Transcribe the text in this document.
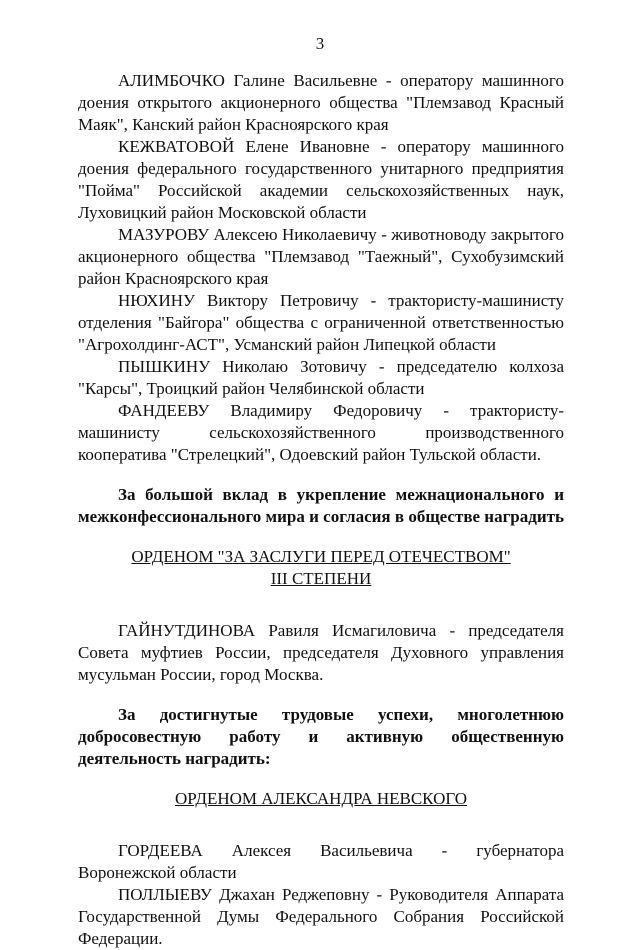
3

АЛИМБОЧКО Галине Васильевне - оператору машинного доения открытого акционерного общества "Племзавод Красный Маяк", Канский район Красноярского края

КЕЖВАТОВОЙ Елене Ивановне - оператору машинного доения федерального государственного унитарного предприятия "Пойма" Российской академии сельскохозяйственных наук, Луховицкий район Московской области

МАЗУРОВУ Алексею Николаевичу - животноводу закрытого акционерного общества "Племзавод "Таежный", Сухобузимский район Красноярского края

НЮХИНУ Виктору Петровичу - трактористу-машинисту отделения "Байгора" общества с ограниченной ответственностью "Агрохолдинг-АСТ", Усманский район Липецкой области

ПЫШКИНУ Николаю Зотовичу - председателю колхоза "Карсы", Троицкий район Челябинской области

ФАНДЕЕВУ Владимиру Федоровичу - трактористу-машинисту сельскохозяйственного производственного кооператива "Стрелецкий", Одоевский район Тульской области.

За большой вклад в укрепление межнационального и межконфессионального мира и согласия в обществе наградить

ОРДЕНОМ "ЗА ЗАСЛУГИ ПЕРЕД ОТЕЧЕСТВОМ"

III СТЕПЕНИ

ГАЙНУТДИНОВА Равиля Исмагиловича - председателя Совета муфтиев России, председателя Духовного управления мусульман России, город Москва.

За достигнутые трудовые успехи, многолетнюю добросовестную работу и активную общественную деятельность наградить:

ОРДЕНОМ АЛЕКСАНДРА НЕВСКОГО

ГОРДЕЕВА Алексея Васильевича - губернатора Воронежской области

ПОЛЛЫЕВУ Джахан Реджеповну - Руководителя Аппарата Государственной Думы Федерального Собрания Российской Федерации.
